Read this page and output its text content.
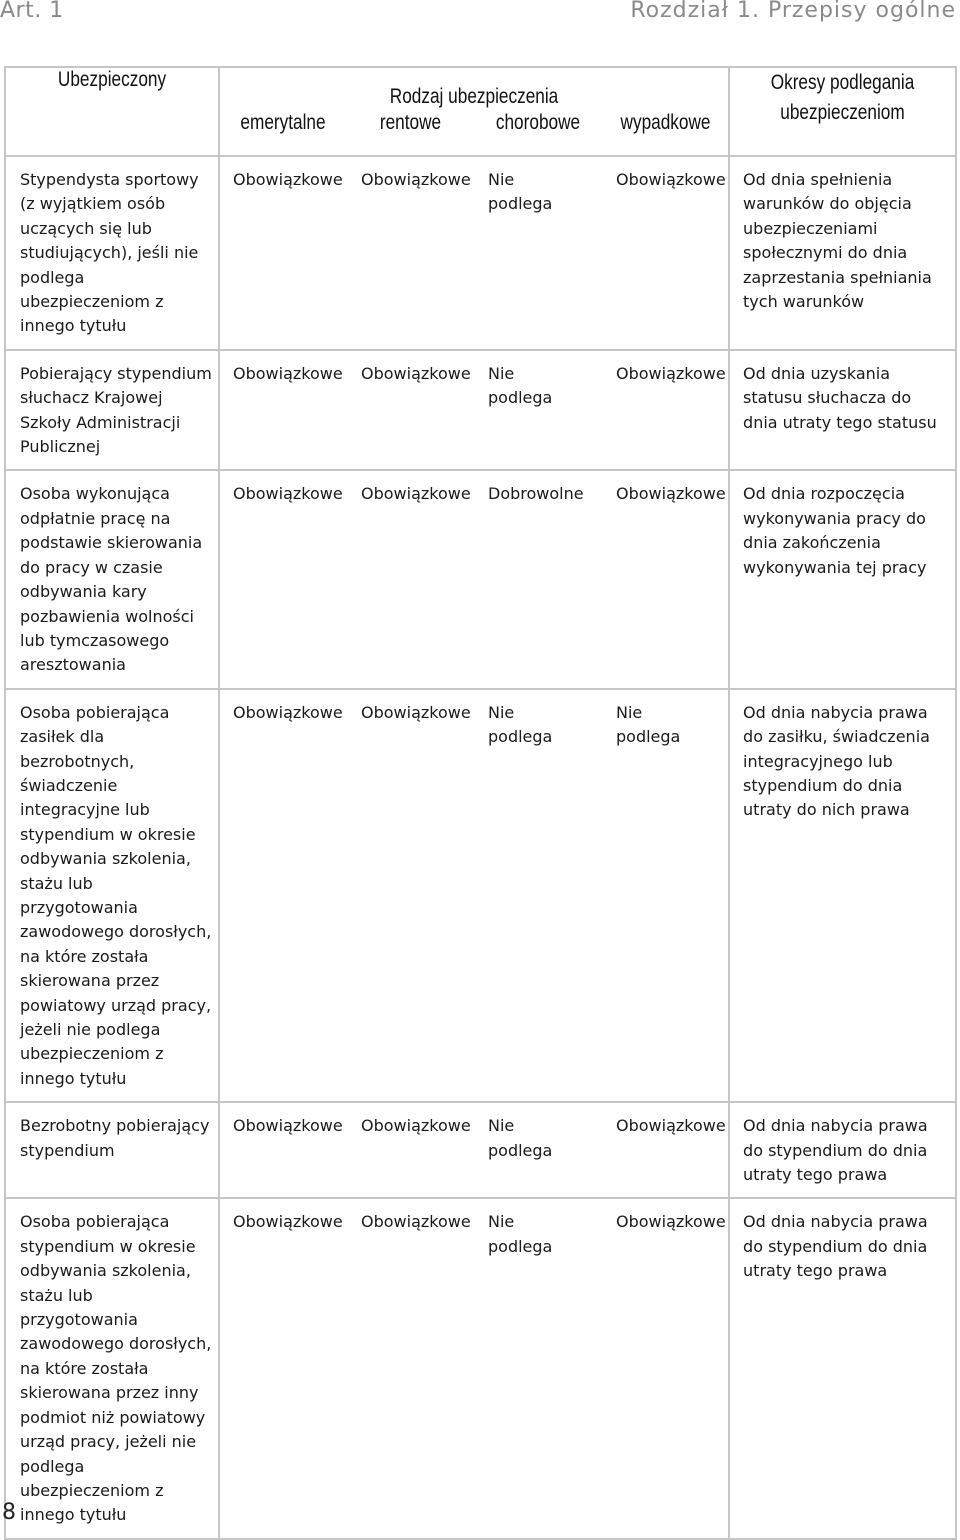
Art. 1	Rozdział 1. Przepisy ogólne
Ubezpieczony	Rodzaj ubezpieczenia				Okresy podlegania ubezpieczeniom

	emerytalne	rentowe	chorobowe	wypadkowe	

Stypendysta sportowy (z wyjątkiem osób uczących się lub studiujących), jeśli nie podlega ubezpieczeniom z innego tytułu	Obowiązkowe	Obowiązkowe	Nie podlega	Obowiązkowe	Od dnia spełnienia warunków do objęcia ubezpieczeniami społecznymi do dnia zaprzestania spełniania tych warunków

Pobierający stypendium słuchacz Krajowej Szkoły Administracji Publicznej	Obowiązkowe	Obowiązkowe	Nie podlega	Obowiązkowe	Od dnia uzyskania statusu słuchacza do dnia utraty tego statusu

Osoba wykonująca odpłatnie pracę na podstawie skierowania do pracy w czasie odbywania kary pozbawienia wolności lub tymczasowego aresztowania	Obowiązkowe	Obowiązkowe	Dobrowolne	Obowiązkowe	Od dnia rozpoczęcia wykonywania pracy do dnia zakończenia wykonywania tej pracy

Osoba pobierająca zasiłek dla bezrobotnych, świadczenie integracyjne lub stypendium w okresie odbywania szkolenia, stażu lub przygotowania zawodowego dorosłych, na które została skierowana przez powiatowy urząd pracy, jeżeli nie podlega ubezpieczeniom z innego tytułu	Obowiązkowe	Obowiązkowe	Nie podlega	Nie podlega	Od dnia nabycia prawa do zasiłku, świadczenia integracyjnego lub stypendium do dnia utraty do nich prawa

Bezrobotny pobierający stypendium	Obowiązkowe	Obowiązkowe	Nie podlega	Obowiązkowe	Od dnia nabycia prawa do stypendium do dnia utraty tego prawa

Osoba pobierająca stypendium w okresie odbywania szkolenia, stażu lub przygotowania zawodowego dorosłych, na które została skierowana przez inny podmiot niż powiatowy urząd pracy, jeżeli nie podlega ubezpieczeniom z innego tytułu	Obowiązkowe	Obowiązkowe	Nie podlega	Obowiązkowe	Od dnia nabycia prawa do stypendium do dnia utraty tego prawa
8
